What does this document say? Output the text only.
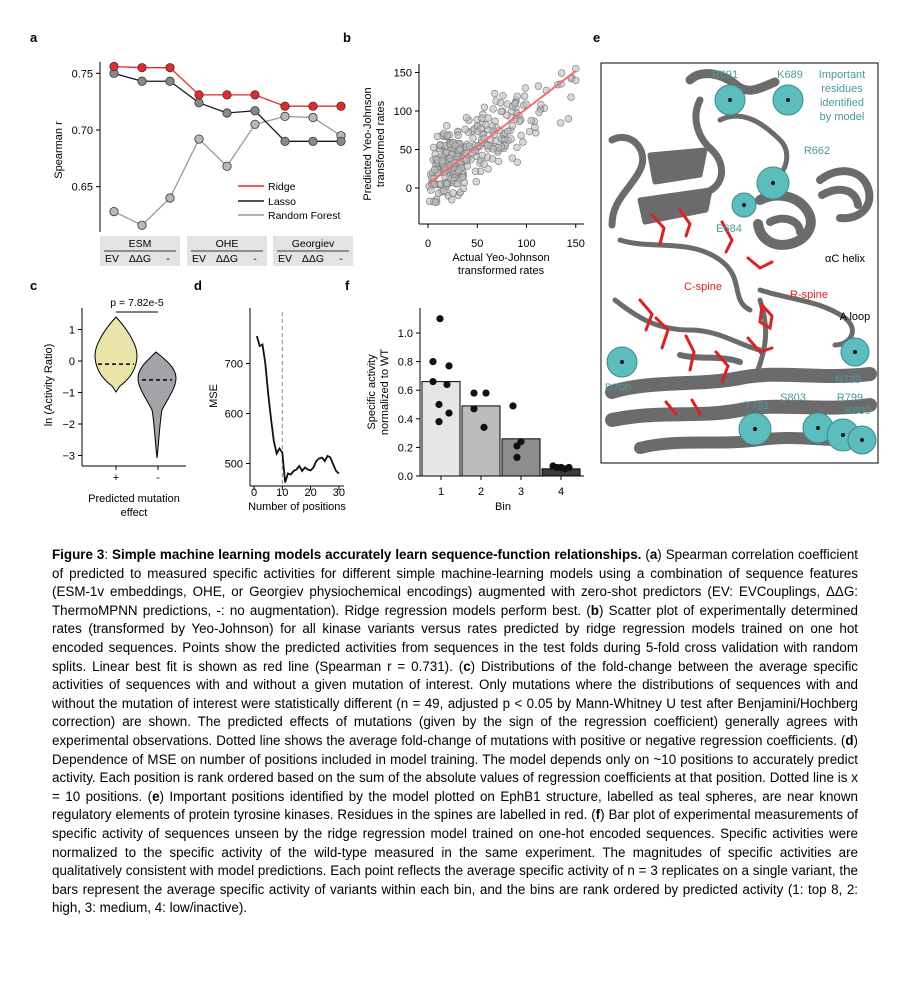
a
0.75
0.70
0.65
Spearman r
Ridge
Lasso
Random Forest
ESM	OHE	Georgiev
EV ΔΔG - EV ΔΔG - EV ΔΔG -
b
0
0
50
50
100
100
150
150
Actual Yeo-Johnson
transformed rates
Predicted Yeo-Johnson transformed rates
c
1
0
−1
−2
−3
ln (Activity Ratio)
p = 7.82e-5
+	-
Predicted mutation
effect
d
700
600
500
0 10 20 30
MSE
Number of positions
f
1.0
0.8
0.6
0.4
0.2
0.0
1	2	3	4
Specific activity normalized to WT
Bin
e
R691	K689
R662
E684
D706
N739
T791
S803	R799
K800
Important
residues
identified
by model
αC helix
A loop
C-spine
R-spine
Figure 3: Simple machine learning models accurately learn sequence-function relationships. (a) Spearman correlation coefficient of predicted to measured specific activities for different simple machine-learning models using a combination of sequence features (ESM-1v embeddings, OHE, or Georgiev physiochemical encodings) augmented with zero-shot predictors (EV: EVCouplings, ΔΔG: ThermoMPNN predictions, -: no augmentation). Ridge regression models perform best. (b) Scatter plot of experimentally determined rates (transformed by Yeo-Johnson) for all kinase variants versus rates predicted by ridge regression models trained on one hot encoded sequences. Points show the predicted activities from sequences in the test folds during 5-fold cross validation with random splits. Linear best fit is shown as red line (Spearman r = 0.731). (c) Distributions of the fold-change between the average specific activities of sequences with and without a given mutation of interest. Only mutations where the distributions of sequences with and without the mutation of interest were statistically different (n = 49, adjusted p < 0.05 by Mann-Whitney U test after Benjamini/Hochberg correction) are shown. The predicted effects of mutations (given by the sign of the regression coefficient) generally agrees with experimental observations. Dotted line shows the average fold-change of mutations with positive or negative regression coefficients. (d) Dependence of MSE on number of positions included in model training. The model depends only on ~10 positions to accurately predict activity. Each position is rank ordered based on the sum of the absolute values of regression coefficients at that position. Dotted line is x = 10 positions. (e) Important positions identified by the model plotted on EphB1 structure, labelled as teal spheres, are near known regulatory elements of protein tyrosine kinases. Residues in the spines are labelled in red. (f) Bar plot of experimental measurements of specific activity of sequences unseen by the ridge regression model trained on one-hot encoded sequences. Specific activities were normalized to the specific activity of the wild-type measured in the same experiment. The magnitudes of specific activities are qualitatively consistent with model predictions. Each point reflects the average specific activity of n = 3 replicates on a single variant, the bars represent the average specific activity of variants within each bin, and the bins are rank ordered by predicted activity (1: top 8, 2: high, 3: medium, 4: low/inactive).
